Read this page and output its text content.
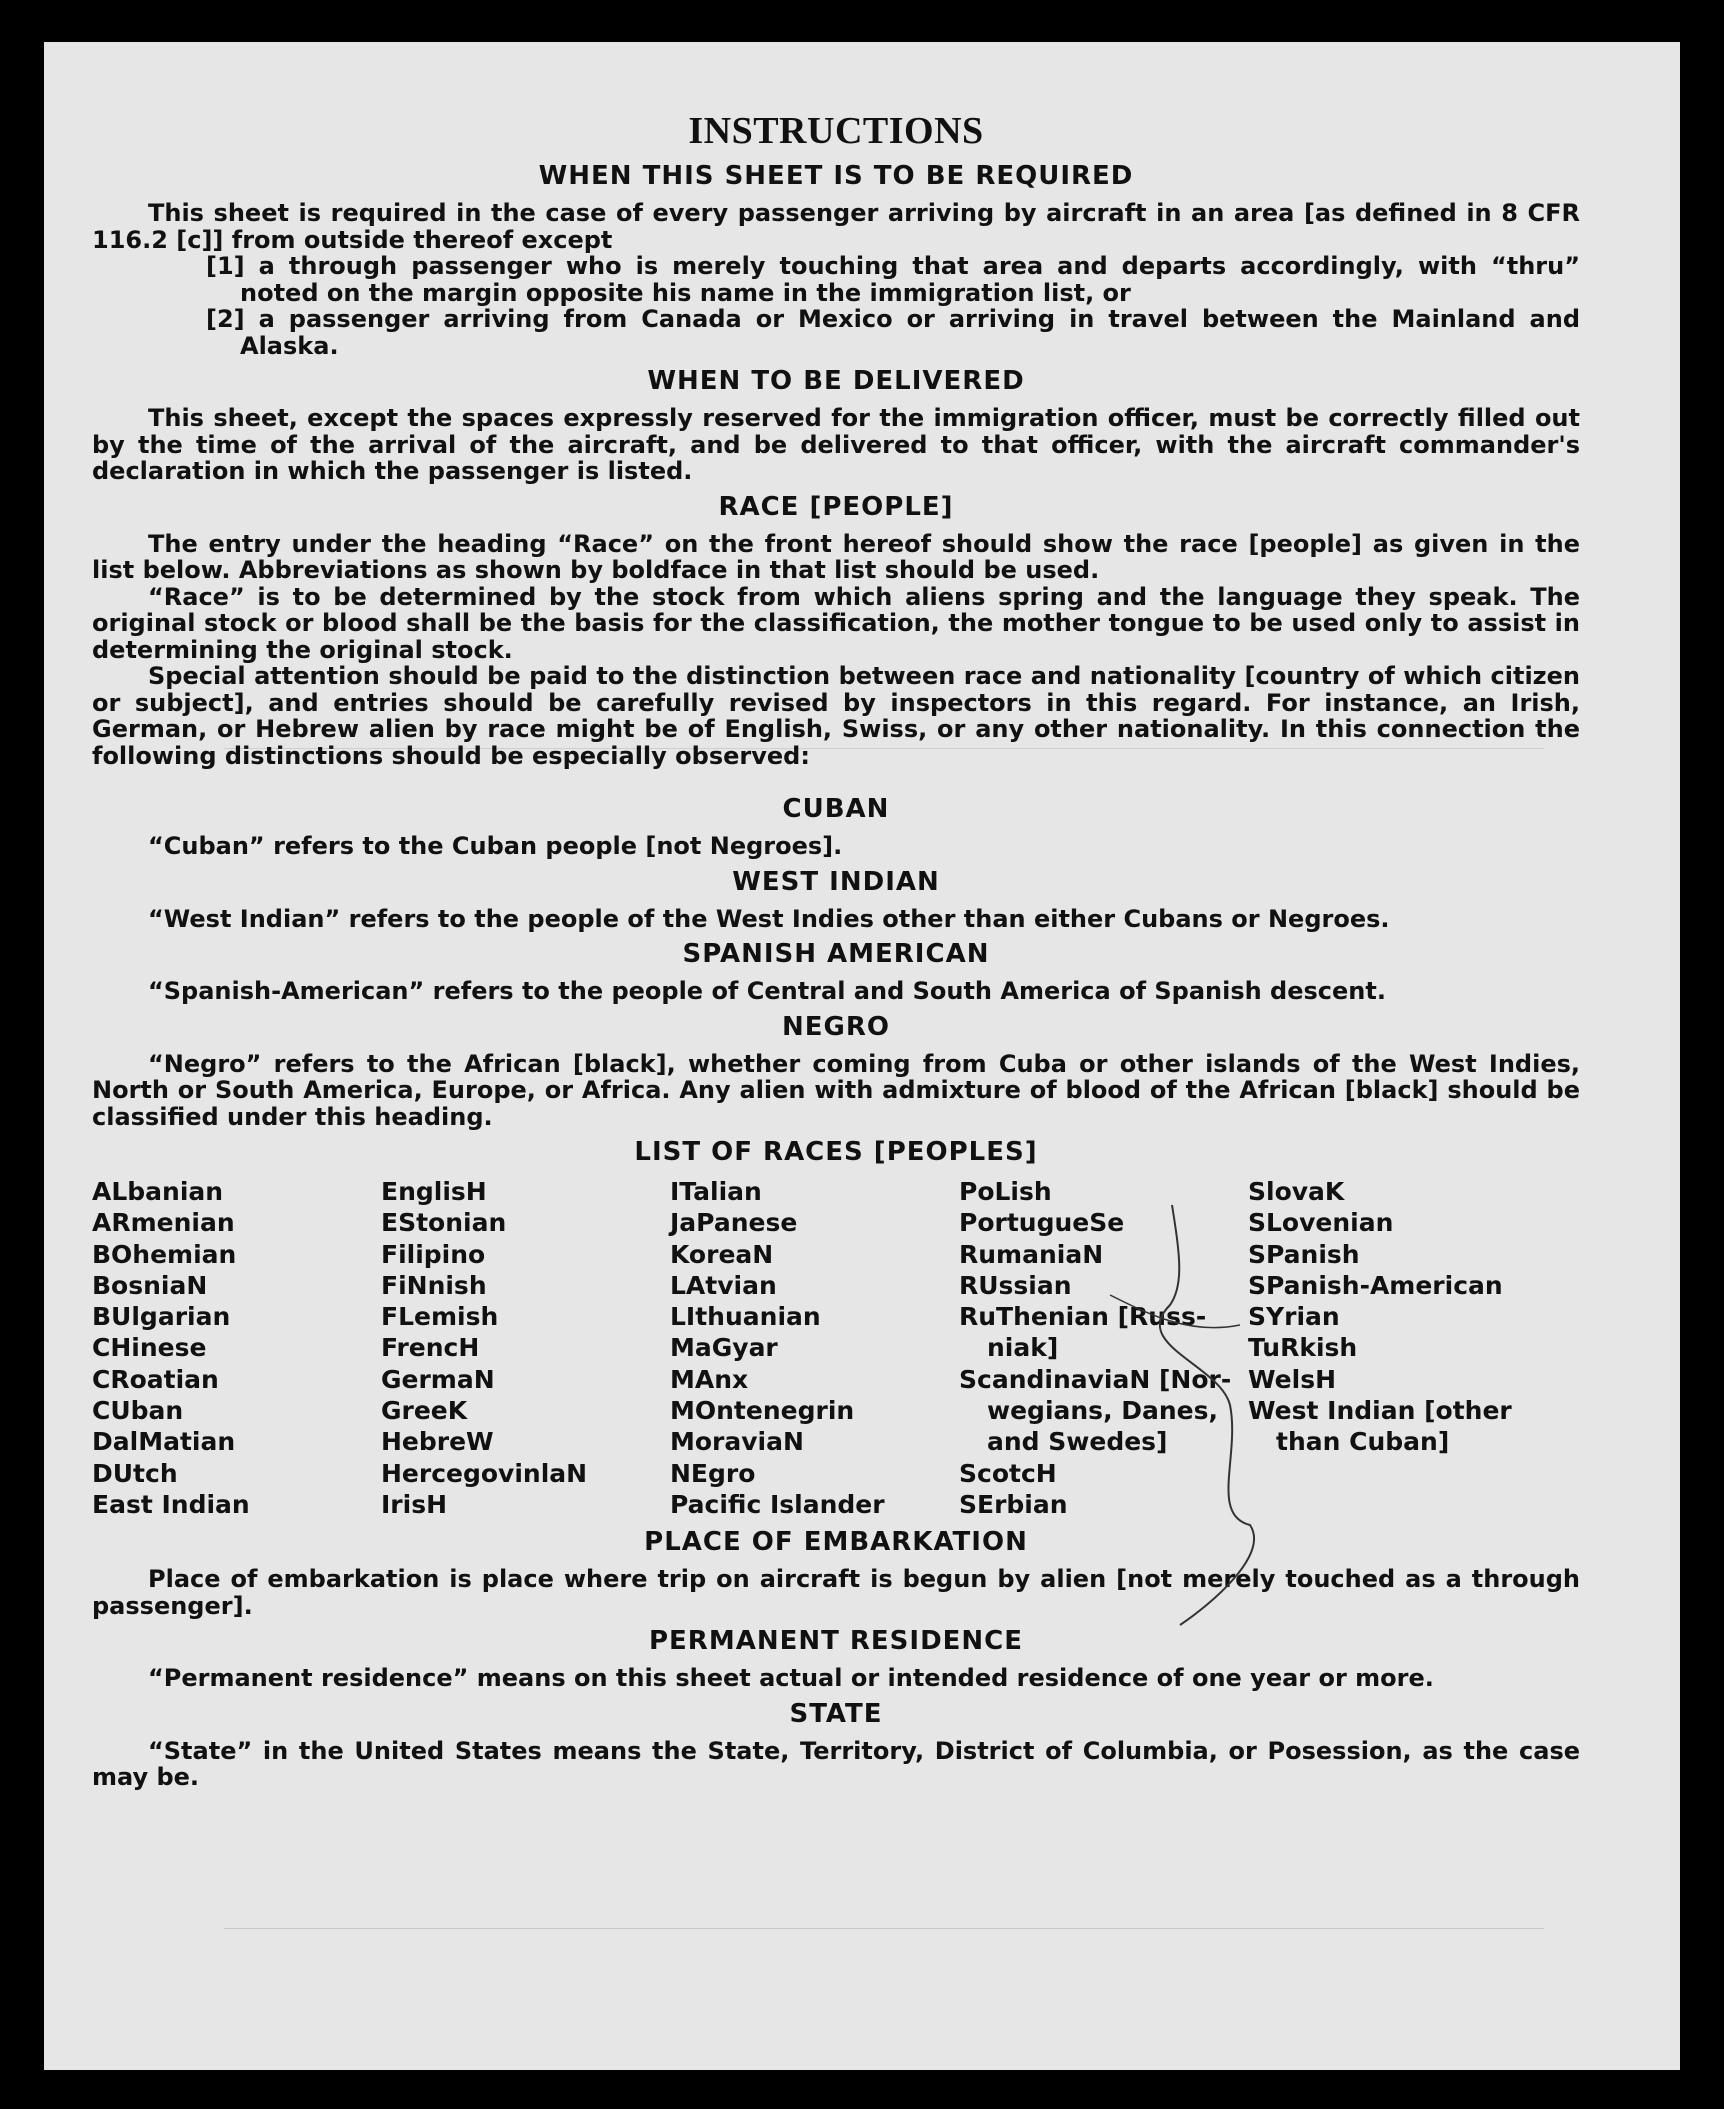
INSTRUCTIONS
WHEN THIS SHEET IS TO BE REQUIRED

This sheet is required in the case of every passenger arriving by aircraft in an area [as defined in 8 CFR 116.2 [c]] from outside thereof except

[1] a through passenger who is merely touching that area and departs accordingly, with “thru” noted on the margin opposite his name in the immigration list, or
[2] a passenger arriving from Canada or Mexico or arriving in travel between the Mainland and Alaska.
WHEN TO BE DELIVERED

This sheet, except the spaces expressly reserved for the immigration officer, must be correctly filled out by the time of the arrival of the aircraft, and be delivered to that officer, with the aircraft commander's declaration in which the passenger is listed.

RACE [PEOPLE]

The entry under the heading “Race” on the front hereof should show the race [people] as given in the list below. Abbreviations as shown by boldface in that list should be used.

“Race” is to be determined by the stock from which aliens spring and the language they speak. The original stock or blood shall be the basis for the classification, the mother tongue to be used only to assist in determining the original stock.

Special attention should be paid to the distinction between race and nationality [country of which citizen or subject], and entries should be carefully revised by inspectors in this regard. For instance, an Irish, German, or Hebrew alien by race might be of English, Swiss, or any other nationality. In this connection the following distinctions should be especially observed:

CUBAN

“Cuban” refers to the Cuban people [not Negroes].

WEST INDIAN

“West Indian” refers to the people of the West Indies other than either Cubans or Negroes.

SPANISH AMERICAN

“Spanish-American” refers to the people of Central and South America of Spanish descent.

NEGRO

“Negro” refers to the African [black], whether coming from Cuba or other islands of the West Indies, North or South America, Europe, or Africa. Any alien with admixture of blood of the African [black] should be classified under this heading.

LIST OF RACES [PEOPLES]
ALbanian
ARmenian
BOhemian
BosniaN
BUlgarian
CHinese
CRoatian
CUban
DalMatian
DUtch
East Indian
EnglisH
EStonian
Filipino
FiNnish
FLemish
FrencH
GermaN
GreeK
HebreW
HercegovinlaN
IrisH
ITalian
JaPanese
KoreaN
LAtvian
LIthuanian
MaGyar
MAnx
MOntenegrin
MoraviaN
NEgro
Pacific Islander
PoLish
PortugueSe
RumaniaN
RUssian
RuThenian [Russ-
niak]
ScandinaviaN [Nor-
wegians, Danes,
and Swedes]
ScotcH
SErbian
SlovaK
SLovenian
SPanish
SPanish-American
SYrian
TuRkish
WelsH
West Indian [other
than Cuban]
PLACE OF EMBARKATION

Place of embarkation is place where trip on aircraft is begun by alien [not merely touched as a through passenger].

PERMANENT RESIDENCE

“Permanent residence” means on this sheet actual or intended residence of one year or more.

STATE

“State” in the United States means the State, Territory, District of Columbia, or Posession, as the case may be.
